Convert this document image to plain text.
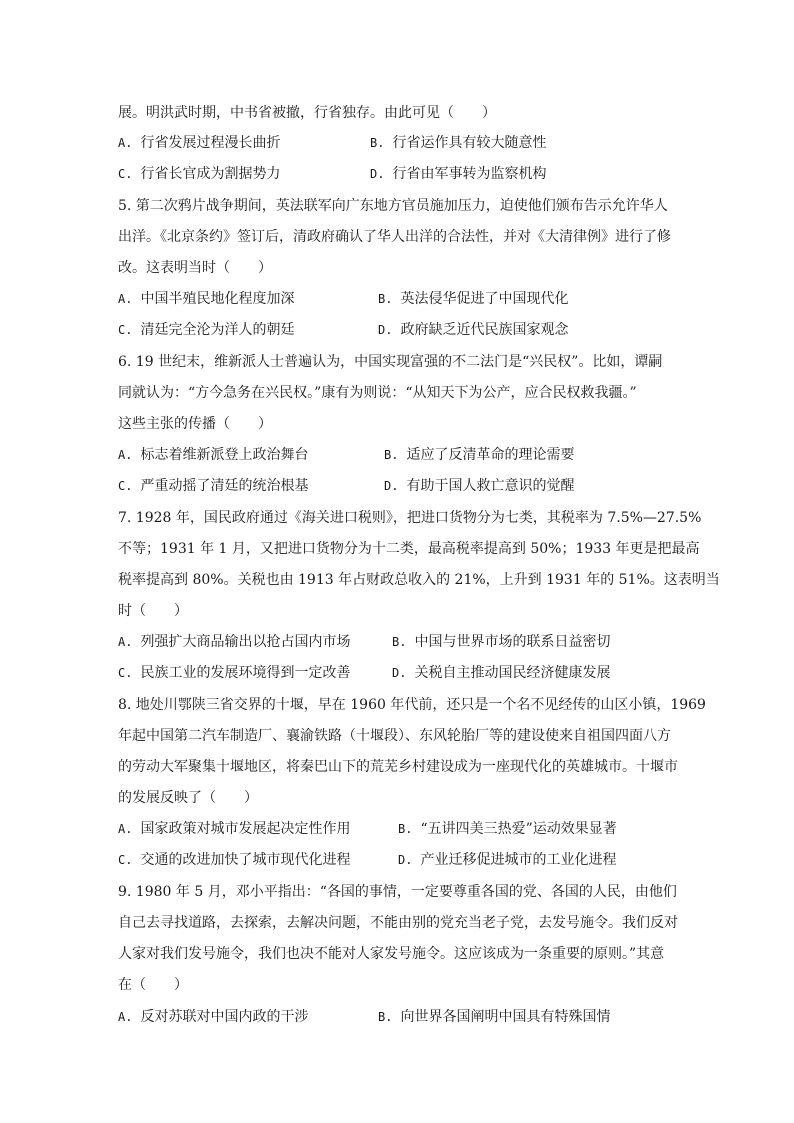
展。明洪武时期，中书省被撤，行省独存。由此可见（　　）
A. 行省发展过程漫长曲折	B. 行省运作具有较大随意性
C. 行省长官成为割据势力	D. 行省由军事转为监察机构
5. 第二次鸦片战争期间，英法联军向广东地方官员施加压力，迫使他们颁布告示允许华人
出洋。《北京条约》签订后，清政府确认了华人出洋的合法性，并对《大清律例》进行了修
改。这表明当时（　　）
A. 中国半殖民地化程度加深	B. 英法侵华促进了中国现代化
C. 清廷完全沦为洋人的朝廷	D. 政府缺乏近代民族国家观念
6. 19 世纪末，维新派人士普遍认为，中国实现富强的不二法门是“兴民权”。比如，谭嗣
同就认为：“方今急务在兴民权。”康有为则说：“从知天下为公产，应合民权救我疆。”
这些主张的传播（　　）
A. 标志着维新派登上政治舞台	B. 适应了反清革命的理论需要
C. 严重动摇了清廷的统治根基	D. 有助于国人救亡意识的觉醒
7. 1928 年，国民政府通过《海关进口税则》，把进口货物分为七类，其税率为 7.5%—27.5%
不等；1931 年 1 月，又把进口货物分为十二类，最高税率提高到 50%；1933 年更是把最高
税率提高到 80%。关税也由 1913 年占财政总收入的 21%，上升到 1931 年的 51%。这表明当
时（　　）
A. 列强扩大商品输出以抢占国内市场	B. 中国与世界市场的联系日益密切
C. 民族工业的发展环境得到一定改善	D. 关税自主推动国民经济健康发展
8. 地处川鄂陕三省交界的十堰，早在 1960 年代前，还只是一个名不见经传的山区小镇，1969
年起中国第二汽车制造厂、襄渝铁路（十堰段）、东风轮胎厂等的建设使来自祖国四面八方
的劳动大军聚集十堰地区，将秦巴山下的荒芜乡村建设成为一座现代化的英雄城市。十堰市
的发展反映了（　　）
A. 国家政策对城市发展起决定性作用	B. “五讲四美三热爱”运动效果显著
C. 交通的改进加快了城市现代化进程	D. 产业迁移促进城市的工业化进程
9. 1980 年 5 月，邓小平指出：“各国的事情，一定要尊重各国的党、各国的人民，由他们
自己去寻找道路，去探索，去解决问题，不能由别的党充当老子党，去发号施令。我们反对
人家对我们发号施令，我们也决不能对人家发号施令。这应该成为一条重要的原则。”其意
在（　　）
A. 反对苏联对中国内政的干涉	B. 向世界各国阐明中国具有特殊国情
